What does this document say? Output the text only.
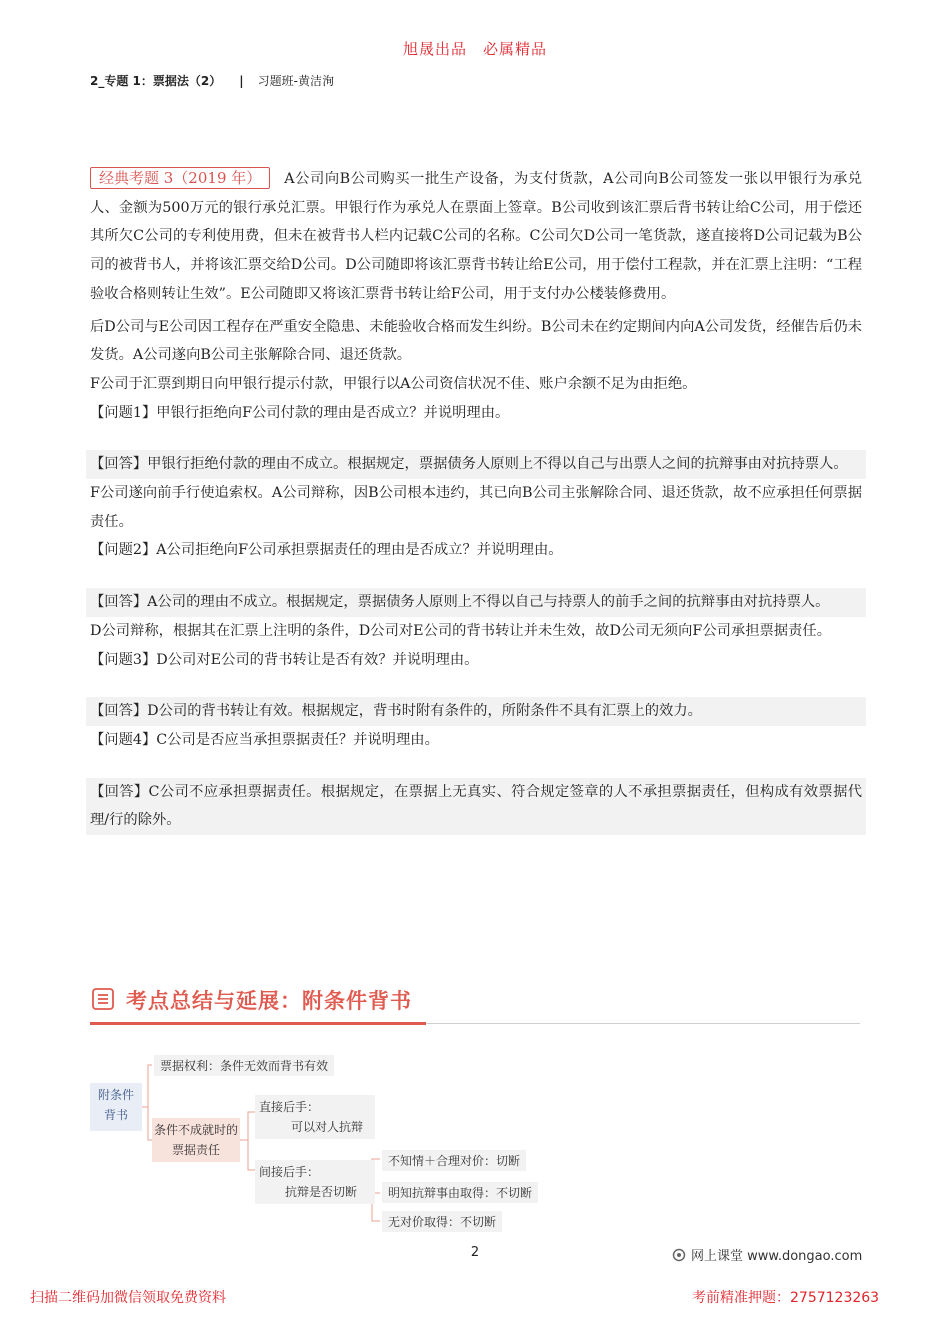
旭晟出品　必属精品
2_专题 1：票据法（2） | 习题班-黄洁洵

经典考题 3（2019 年） A公司向B公司购买一批生产设备，为支付货款，A公司向B公司签发一张以甲银行为承兑人、金额为500万元的银行承兑汇票。甲银行作为承兑人在票面上签章。B公司收到该汇票后背书转让给C公司，用于偿还其所欠C公司的专利使用费，但未在被背书人栏内记载C公司的名称。C公司欠D公司一笔货款，遂直接将D公司记载为B公司的被背书人，并将该汇票交给D公司。D公司随即将该汇票背书转让给E公司，用于偿付工程款，并在汇票上注明：“工程验收合格则转让生效”。E公司随即又将该汇票背书转让给F公司，用于支付办公楼装修费用。

后D公司与E公司因工程存在严重安全隐患、未能验收合格而发生纠纷。B公司未在约定期间内向A公司发货，经催告后仍未发货。A公司遂向B公司主张解除合同、退还货款。

F公司于汇票到期日向甲银行提示付款，甲银行以A公司资信状况不佳、账户余额不足为由拒绝。

【问题1】甲银行拒绝向F公司付款的理由是否成立？并说明理由。

【回答】甲银行拒绝付款的理由不成立。根据规定，票据债务人原则上不得以自己与出票人之间的抗辩事由对抗持票人。

F公司遂向前手行使追索权。A公司辩称，因B公司根本违约，其已向B公司主张解除合同、退还货款，故不应承担任何票据责任。

【问题2】A公司拒绝向F公司承担票据责任的理由是否成立？并说明理由。

【回答】A公司的理由不成立。根据规定，票据债务人原则上不得以自己与持票人的前手之间的抗辩事由对抗持票人。

D公司辩称，根据其在汇票上注明的条件，D公司对E公司的背书转让并未生效，故D公司无须向F公司承担票据责任。

【问题3】D公司对E公司的背书转让是否有效？并说明理由。

【回答】D公司的背书转让有效。根据规定，背书时附有条件的，所附条件不具有汇票上的效力。

【问题4】C公司是否应当承担票据责任？并说明理由。

【回答】C公司不应承担票据责任。根据规定，在票据上无真实、符合规定签章的人不承担票据责任，但构成有效票据代理/行的除外。

考点总结与延展：附条件背书
附条件背书
票据权利：条件无效而背书有效
条件不成就时的票据责任
直接后手：
可以对人抗辩
间接后手：
抗辩是否切断
不知情＋合理对价：切断
明知抗辩事由取得：不切断
无对价取得：不切断
2	网上课堂 www.dongao.com
扫描二维码加微信领取免费资料	考前精准押题：2757123263
